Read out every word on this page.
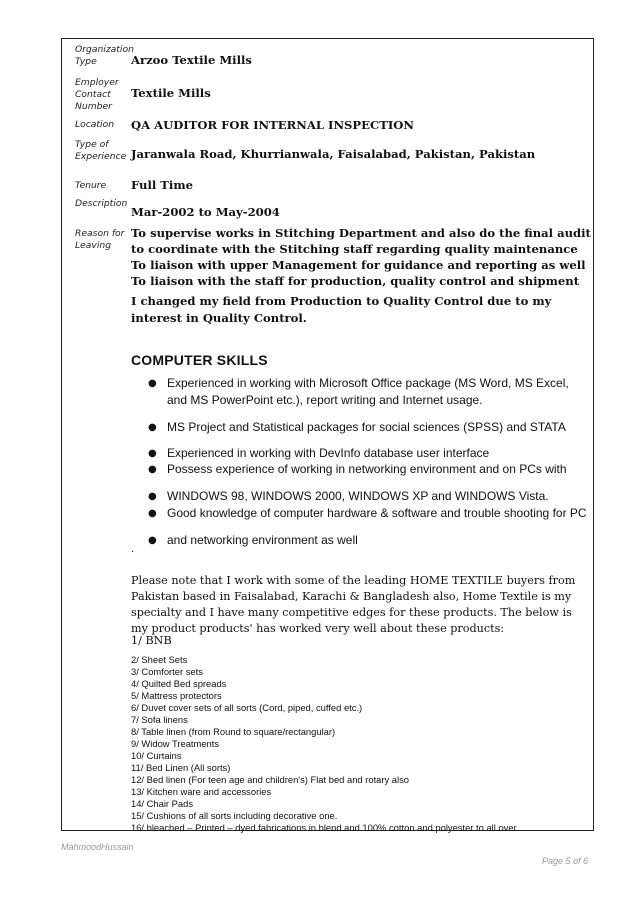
Organization Type
Employer Contact Number
Location
Type of Experience
Tenure
Description
Reason for Leaving
Arzoo Textile Mills
Textile Mills
QA AUDITOR FOR INTERNAL INSPECTION
Jaranwala Road, Khurrianwala, Faisalabad, Pakistan, Pakistan
Full Time
Mar-2002 to May-2004
To supervise works in Stitching Department and also do the final audit
to coordinate with the Stitching staff regarding quality maintenance
To liaison with upper Management for guidance and reporting as well
To liaison with the staff for production, quality control and shipment
I changed my field from Production to Quality Control due to my interest in Quality Control.
COMPUTER SKILLS
● Experienced in working with Microsoft Office package (MS Word, MS Excel, and MS PowerPoint etc.), report writing and Internet usage.
● MS Project and Statistical packages for social sciences (SPSS) and STATA
● Experienced in working with DevInfo database user interface
● Possess experience of working in networking environment and on PCs with
● WINDOWS 98, WINDOWS 2000, WINDOWS XP and WINDOWS Vista.
● Good knowledge of computer hardware & software and trouble shooting for PC
● and networking environment as well
.
Please note that I work with some of the leading HOME TEXTILE buyers from Pakistan based in Faisalabad, Karachi & Bangladesh also, Home Textile is my specialty and I have many competitive edges for these products. The below is my product products' has worked very well about these products:
1/ BNB
2/ Sheet Sets
3/ Comforter sets
4/ Quilted Bed spreads
5/ Mattress protectors
6/ Duvet cover sets of all sorts (Cord, piped, cuffed etc.)
7/ Sofa linens
8/ Table linen (from Round to square/rectangular)
9/ Widow Treatments
10/ Curtains
11/ Bed Linen (All sorts)
12/ Bed linen (For teen age and children's) Flat bed and rotary also
13/ Kitchen ware and accessories
14/ Chair Pads
15/ Cushions of all sorts including decorative one.
16/ bleached – Printed – dyed fabrications in blend and 100% cotton and polyester to all over
MahmoodHussain
Page 5 of 6
